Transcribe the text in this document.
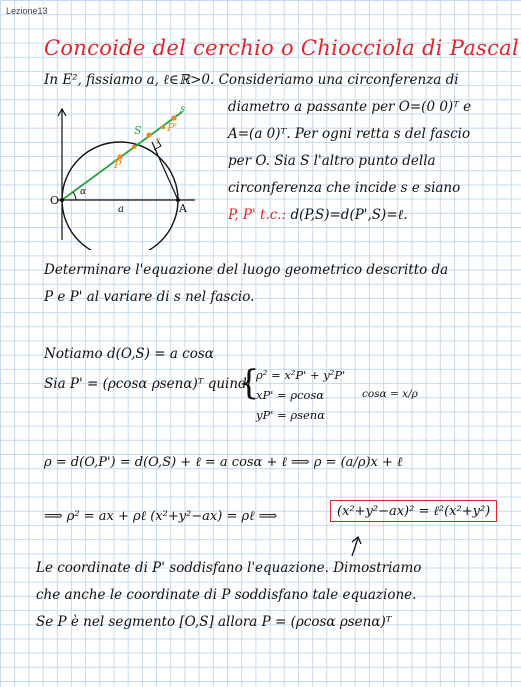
Lezione13
Concoide del cerchio o Chiocciola di Pascal
In E², fissiamo a, ℓ∈ℝ>0. Consideriamo una circonferenza di
diametro a passante per O=(0 0)ᵀ e
A=(a 0)ᵀ. Per ogni retta s del fascio
per O. Sia S l'altro punto della
circonferenza che incide s e siano
P, P' t.c.: d(P,S)=d(P',S)=ℓ.
s
S
P
P'
ℓ
O
A
a
α
Determinare l'equazione del luogo geometrico descritto da
P e P' al variare di s nel fascio.
Notiamo d(O,S) = a cosα
Sia P' = (ρcosα ρsenα)ᵀ quindi
{
ρ² = x²P' + y²P'
xP' = ρcosα
yP' = ρsenα
cosα = x/ρ
ρ = d(O,P') = d(O,S) + ℓ = a cosα + ℓ ⟹ ρ = (a/ρ)x + ℓ
⟹ ρ² = ax + ρℓ (x²+y²−ax) = ρℓ ⟹	(x²+y²−ax)² = ℓ²(x²+y²)
Le coordinate di P' soddisfano l'equazione. Dimostriamo
che anche le coordinate di P soddisfano tale equazione.
Se P è nel segmento [O,S] allora P = (ρcosα ρsenα)ᵀ
